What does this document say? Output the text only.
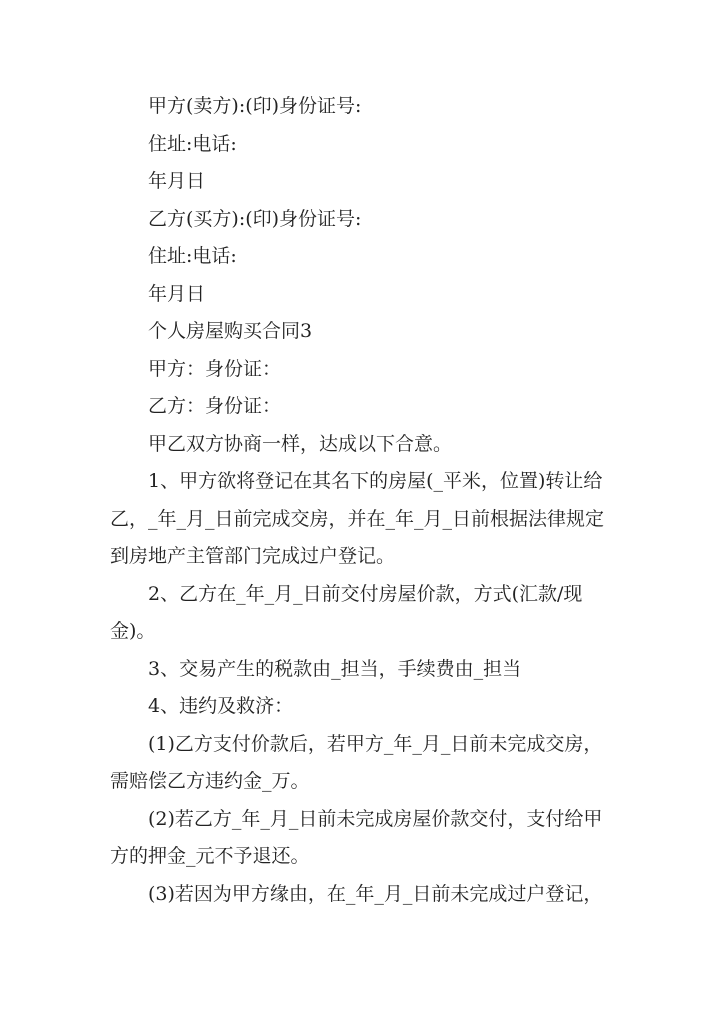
甲方(卖方):(印)身份证号:
住址:电话:
年月日
乙方(买方):(印)身份证号:
住址:电话:
年月日
个人房屋购买合同3
甲方：身份证：
乙方：身份证：
甲乙双方协商一样，达成以下合意。
1、甲方欲将登记在其名下的房屋(_平米，位置)转让给
乙，_年_月_日前完成交房，并在_年_月_日前根据法律规定
到房地产主管部门完成过户登记。
2、乙方在_年_月_日前交付房屋价款，方式(汇款/现
金)。
3、交易产生的税款由_担当，手续费由_担当
4、违约及救济：
(1)乙方支付价款后，若甲方_年_月_日前未完成交房，
需赔偿乙方违约金_万。
(2)若乙方_年_月_日前未完成房屋价款交付，支付给甲
方的押金_元不予退还。
(3)若因为甲方缘由，在_年_月_日前未完成过户登记，
